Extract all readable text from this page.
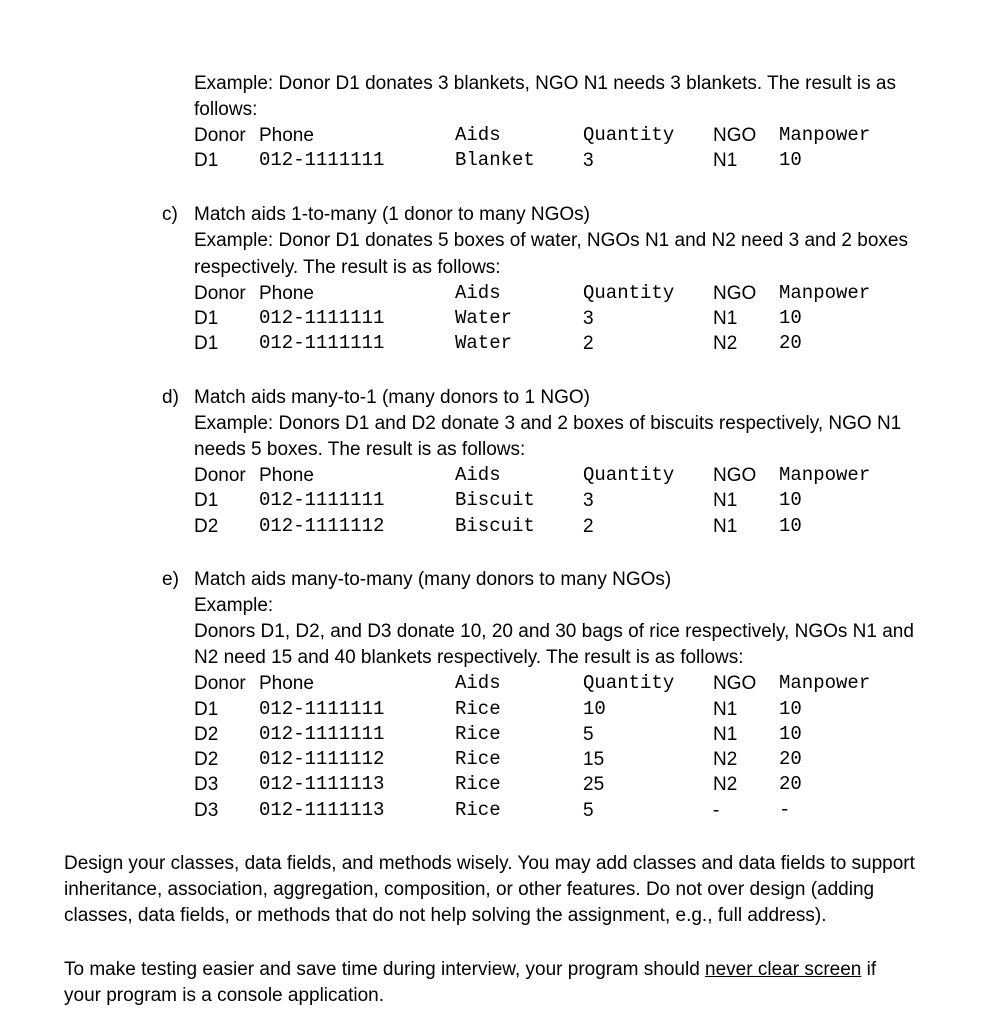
Example: Donor D1 donates 3 blankets, NGO N1 needs 3 blankets. The result is as
follows:
Donor Phone	Aids	Quantity NGO Manpower
D1 012-1111111	Blanket	3	N1 10
c) Match aids 1-to-many (1 donor to many NGOs)
Example: Donor D1 donates 5 boxes of water, NGOs N1 and N2 need 3 and 2 boxes
respectively. The result is as follows:
Donor Phone	Aids	Quantity NGO Manpower
D1 012-1111111	Water	3	N1 10
D1 012-1111111	Water	2	N2 20
d) Match aids many-to-1 (many donors to 1 NGO)
Example: Donors D1 and D2 donate 3 and 2 boxes of biscuits respectively, NGO N1
needs 5 boxes. The result is as follows:
Donor Phone	Aids	Quantity NGO Manpower
D1 012-1111111	Biscuit	3	N1 10
D2 012-1111112	Biscuit	2	N1 10
e) Match aids many-to-many (many donors to many NGOs)
Example:
Donors D1, D2, and D3 donate 10, 20 and 30 bags of rice respectively, NGOs N1 and
N2 need 15 and 40 blankets respectively. The result is as follows:
Donor Phone	Aids	Quantity NGO Manpower
D1 012-1111111	Rice	10	N1 10
D2 012-1111111	Rice	5	N1 10
D2 012-1111112	Rice	15	N2 20
D3 012-1111113	Rice	25	N2 20
D3 012-1111113	Rice	5	-	-
Design your classes, data fields, and methods wisely. You may add classes and data fields to support
inheritance, association, aggregation, composition, or other features. Do not over design (adding
classes, data fields, or methods that do not help solving the assignment, e.g., full address).
To make testing easier and save time during interview, your program should never clear screen if
your program is a console application.
